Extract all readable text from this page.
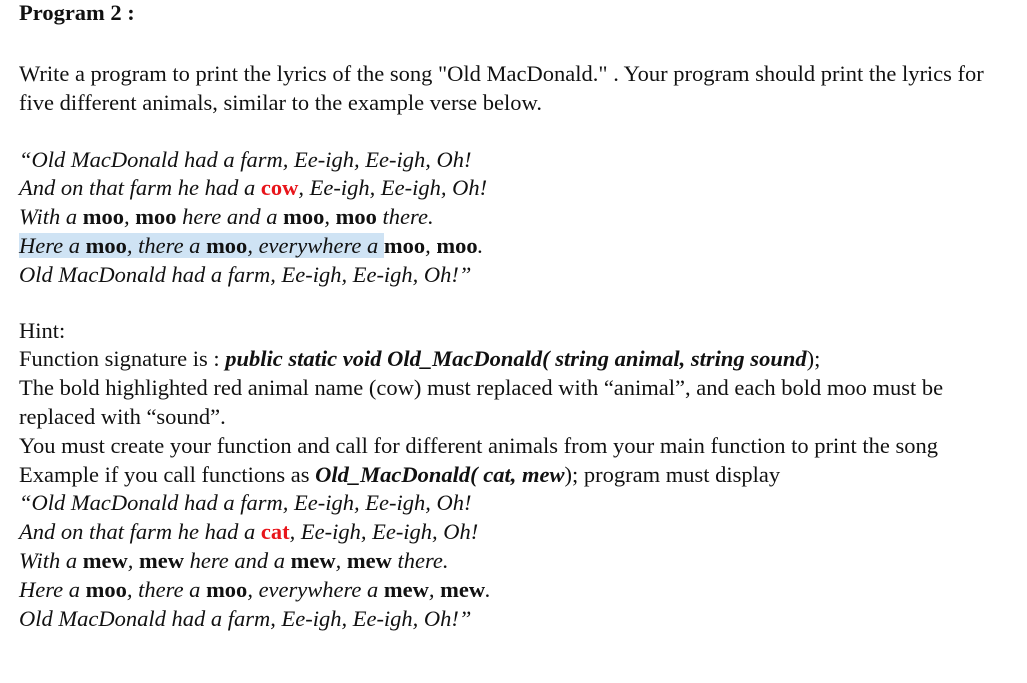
Program 2 :

Write a program to print the lyrics of the song "Old MacDonald." . Your program should print the lyrics for five different animals, similar to the example verse below.

“Old MacDonald had a farm, Ee-igh, Ee-igh, Oh!
And on that farm he had a cow, Ee-igh, Ee-igh, Oh!
With a moo, moo here and a moo, moo there.
Here a moo, there a moo, everywhere a moo, moo.
Old MacDonald had a farm, Ee-igh, Ee-igh, Oh!”
Hint:
Function signature is : public static void Old_MacDonald( string animal, string sound);

The bold highlighted red animal name (cow) must replaced with “animal”, and each bold moo must be replaced with “sound”.

You must create your function and call for different animals from your main function to print the song

Example if you call functions as Old_MacDonald( cat, mew); program must display
“Old MacDonald had a farm, Ee-igh, Ee-igh, Oh!
And on that farm he had a cat, Ee-igh, Ee-igh, Oh!
With a mew, mew here and a mew, mew there.
Here a moo, there a moo, everywhere a mew, mew.
Old MacDonald had a farm, Ee-igh, Ee-igh, Oh!”
